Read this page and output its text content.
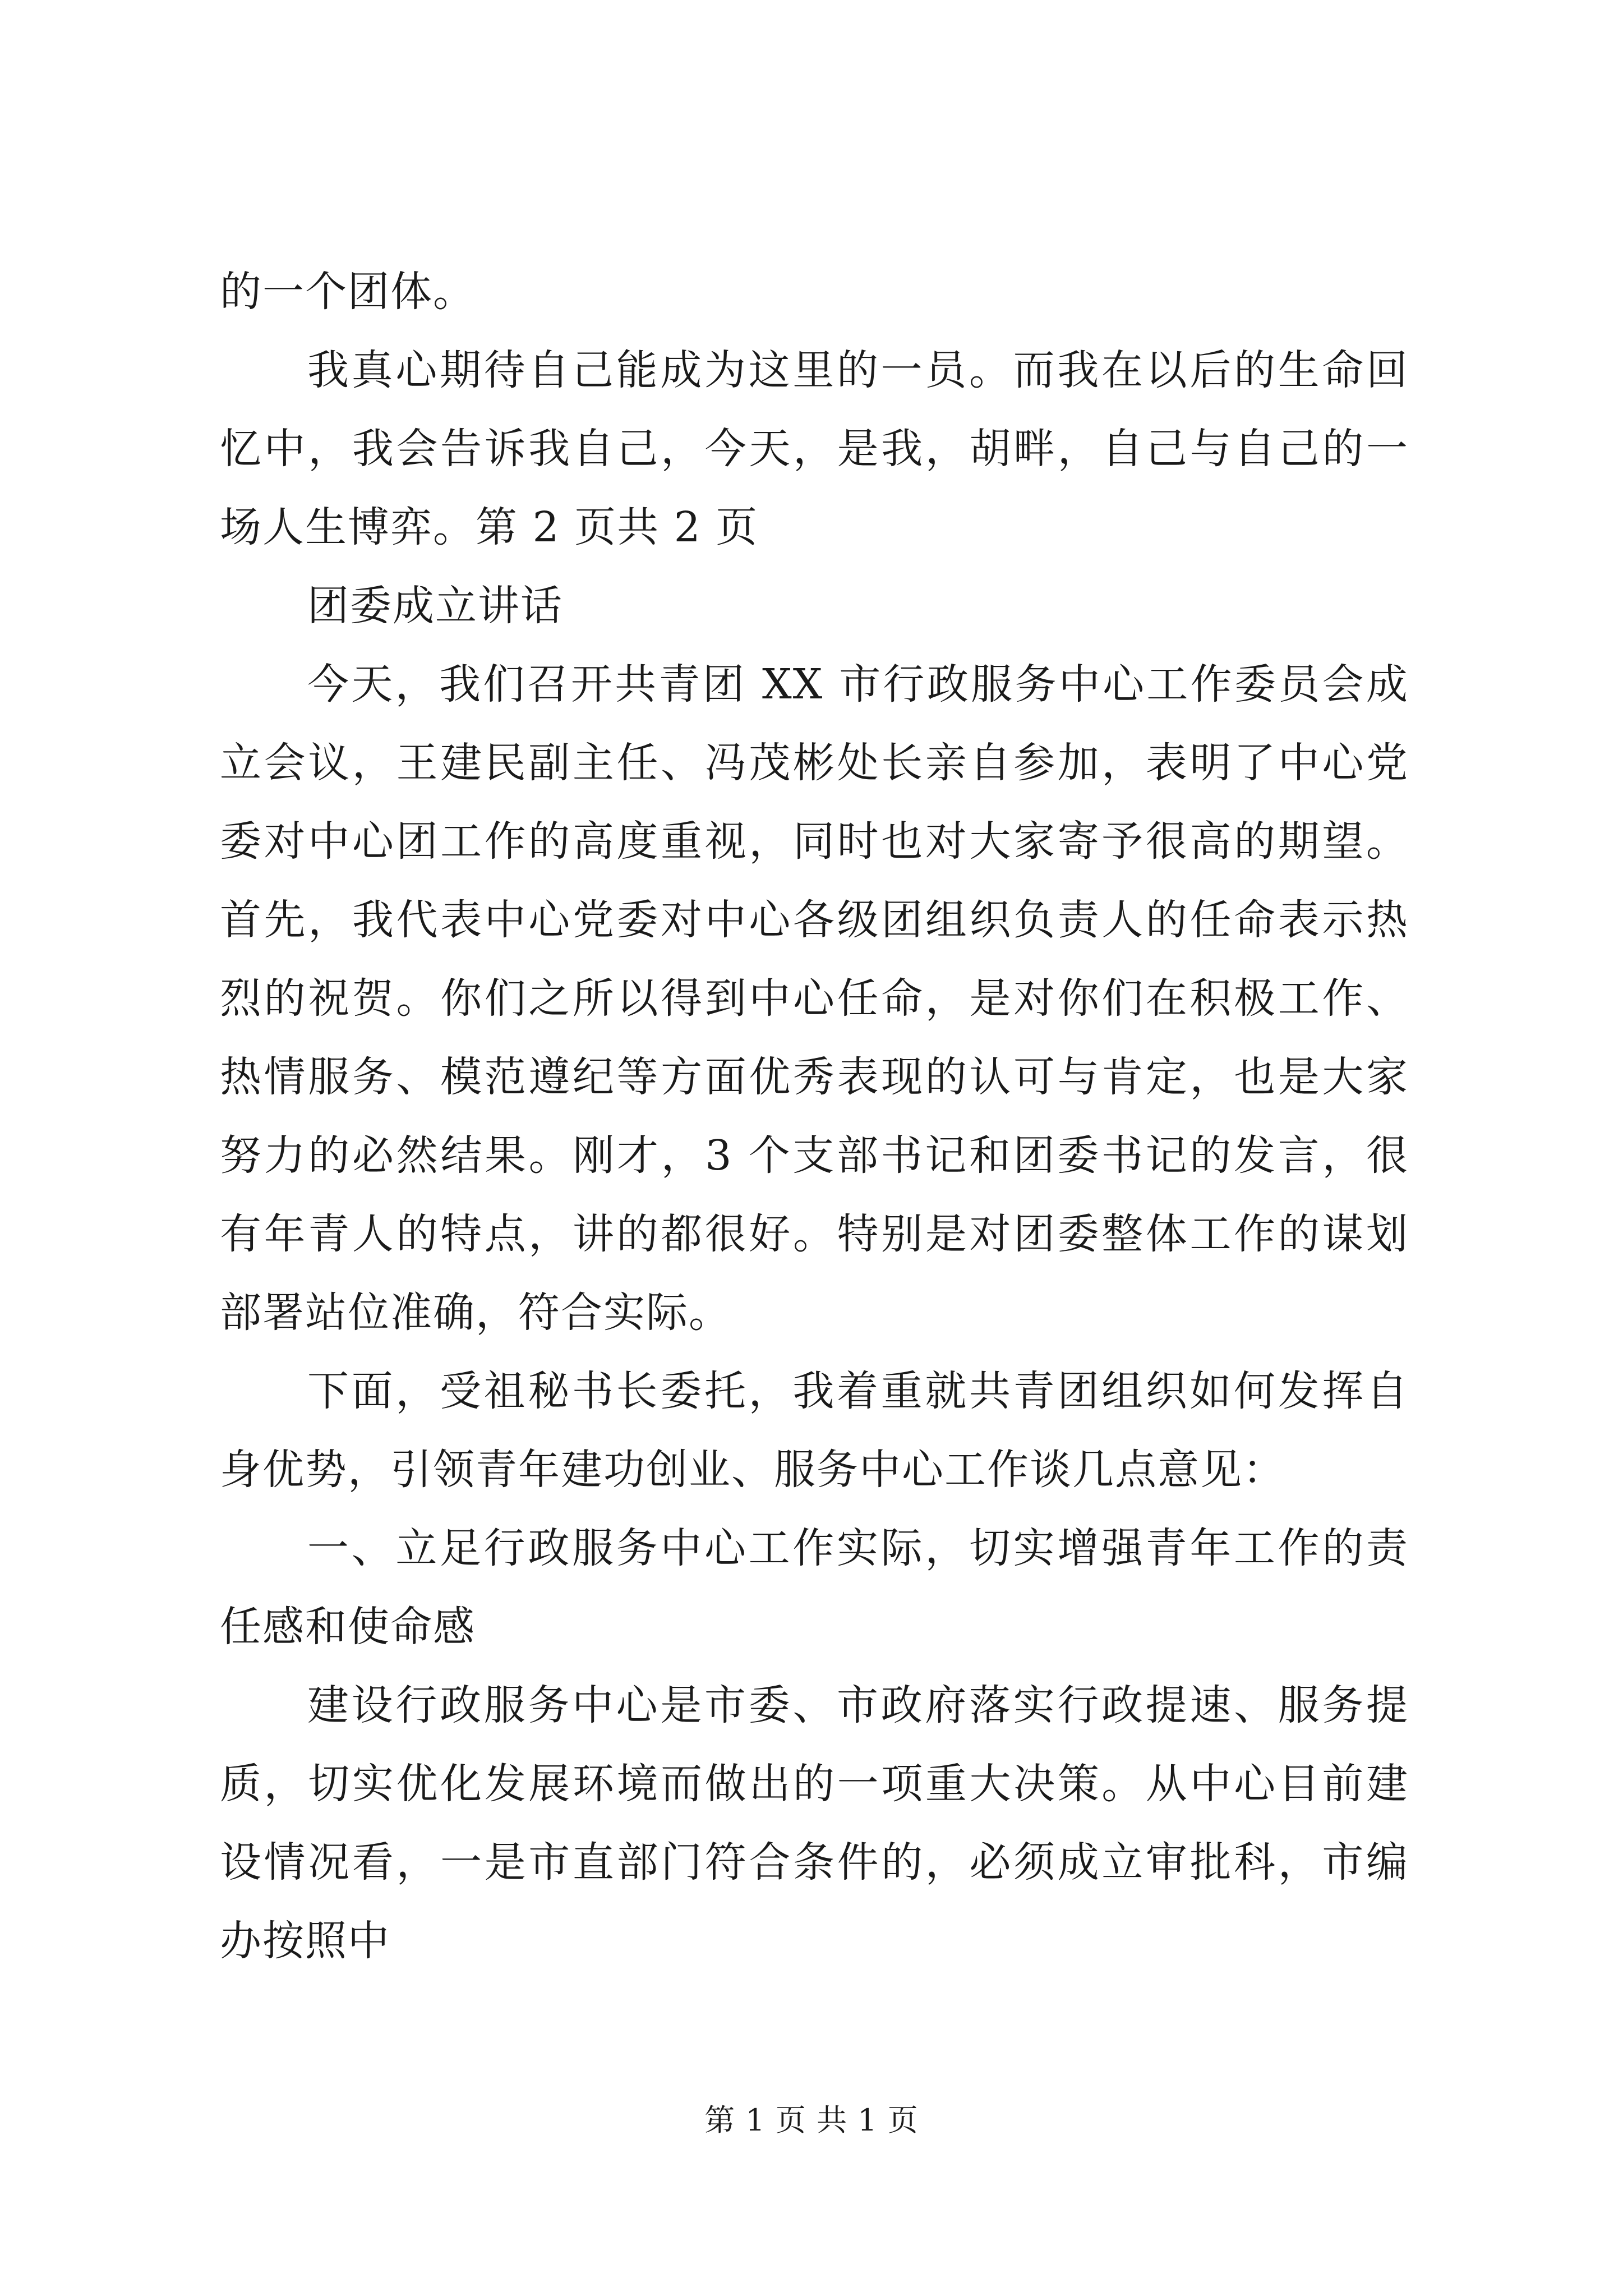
的一个团体。

我真心期待自己能成为这里的一员。而我在以后的生命回忆中，我会告诉我自己，今天，是我，胡畔，自己与自己的一场人生博弈。第 2 页共 2 页

团委成立讲话

今天，我们召开共青团 XX 市行政服务中心工作委员会成立会议，王建民副主任、冯茂彬处长亲自参加，表明了中心党委对中心团工作的高度重视，同时也对大家寄予很高的期望。首先，我代表中心党委对中心各级团组织负责人的任命表示热烈的祝贺。你们之所以得到中心任命，是对你们在积极工作、热情服务、模范遵纪等方面优秀表现的认可与肯定，也是大家努力的必然结果。刚才，3 个支部书记和团委书记的发言，很有年青人的特点，讲的都很好。特别是对团委整体工作的谋划部署站位准确，符合实际。

下面，受祖秘书长委托，我着重就共青团组织如何发挥自身优势，引领青年建功创业、服务中心工作谈几点意见：

一、立足行政服务中心工作实际，切实增强青年工作的责任感和使命感

建设行政服务中心是市委、市政府落实行政提速、服务提质，切实优化发展环境而做出的一项重大决策。从中心目前建设情况看，一是市直部门符合条件的，必须成立审批科，市编办按照中

第 1 页 共 1 页
